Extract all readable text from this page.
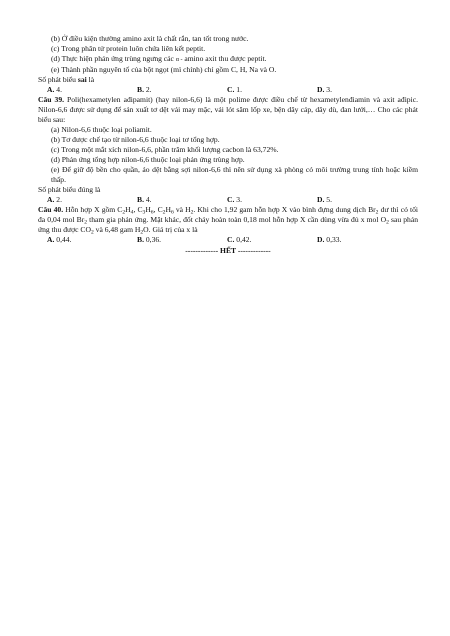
(b) Ở điều kiện thường amino axit là chất rắn, tan tốt trong nước.
(c) Trong phân tử protein luôn chứa liên kết peptit.
(d) Thực hiện phản ứng trùng ngưng các α - amino axit thu được peptit.
(e) Thành phần nguyên tố của bột ngọt (mì chính) chỉ gồm C, H, Na và O.
Số phát biểu sai là
A. 4.	B. 2.	C. 1.	D. 3.
Câu 39. Poli(hexametylen ađipamit) (hay nilon-6,6) là một polime được điều chế từ hexametylenđiamin và axit ađipic. Nilon-6,6 được sử dụng để sản xuất tơ dệt vải may mặc, vải lót săm lốp xe, bện dây cáp, dây dù, đan lưới,… Cho các phát biểu sau:
(a) Nilon-6,6 thuộc loại poliamit.
(b) Tơ được chế tạo từ nilon-6,6 thuộc loại tơ tổng hợp.
(c) Trong một mắt xích nilon-6,6, phần trăm khối lượng cacbon là 63,72%.
(d) Phản ứng tổng hợp nilon-6,6 thuộc loại phản ứng trùng hợp.
(e) Để giữ độ bền cho quần, áo dệt bằng sợi nilon-6,6 thì nên sử dụng xà phòng có môi trường trung tính hoặc kiềm thấp.
Số phát biểu đúng là
A. 2.	B. 4.	C. 3.	D. 5.
Câu 40. Hỗn hợp X gồm $C_2H_4$, $C_3H_6$, $C_2H_6$ và $H_2$. Khi cho 1,92 gam hỗn hợp X vào bình đựng dung dịch $Br_2$ dư thì có tối đa 0,04 mol $Br_2$ tham gia phản ứng. Mặt khác, đốt cháy hoàn toàn 0,18 mol hỗn hợp X cần dùng vừa đủ x mol $O_2$ sau phản ứng thu được $CO_2$ và 6,48 gam $H_2O$. Giá trị của x là
A. 0,44.	B. 0,36.	C. 0,42.	D. 0,33.
------------- HẾT -------------
